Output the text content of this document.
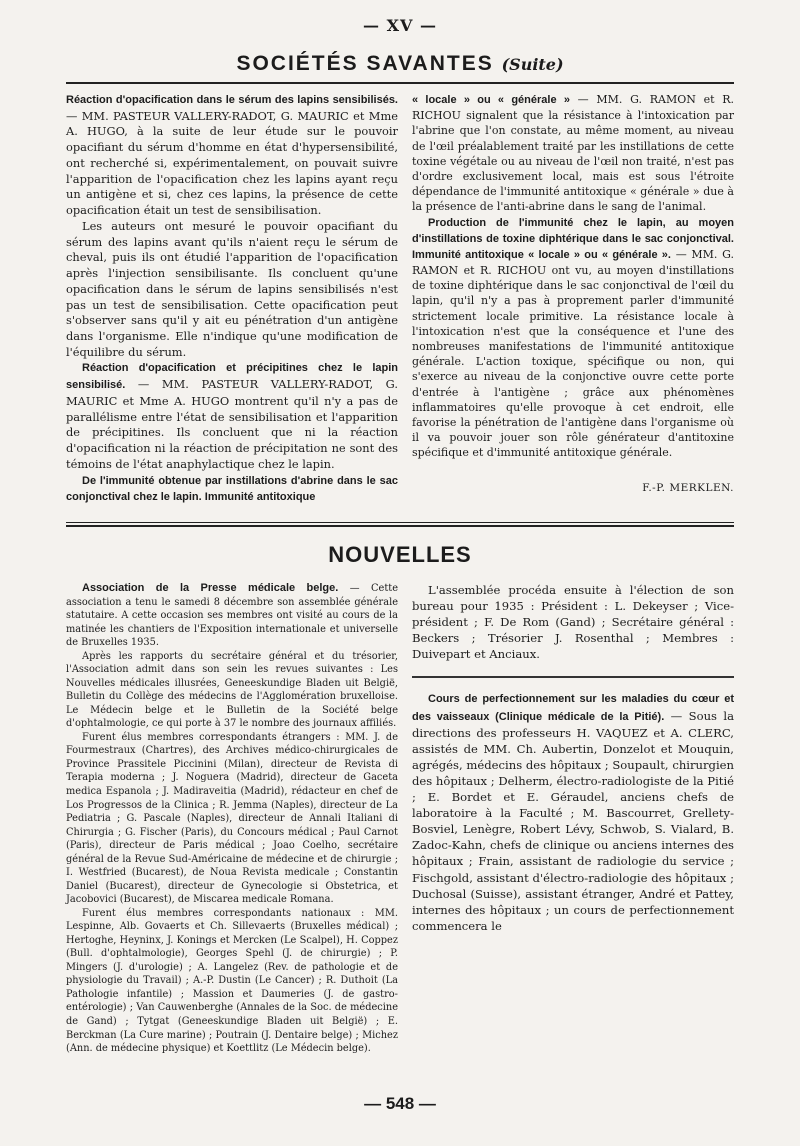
— XV —
SOCIÉTÉS SAVANTES (Suite)

Réaction d'opacification dans le sérum des lapins sensibilisés. — MM. PASTEUR VALLERY-RADOT, G. MAURIC et Mme A. HUGO, à la suite de leur étude sur le pouvoir opacifiant du sérum d'homme en état d'hypersensibilité, ont recherché si, expérimentalement, on pouvait suivre l'apparition de l'opacification chez les lapins ayant reçu un antigène et si, chez ces lapins, la présence de cette opacification était un test de sensibilisation.

Les auteurs ont mesuré le pouvoir opacifiant du sérum des lapins avant qu'ils n'aient reçu le sérum de cheval, puis ils ont étudié l'apparition de l'opacification après l'injection sensibilisante. Ils concluent qu'une opacification dans le sérum de lapins sensibilisés n'est pas un test de sensibilisation. Cette opacification peut s'observer sans qu'il y ait eu pénétration d'un antigène dans l'organisme. Elle n'indique qu'une modification de l'équilibre du sérum.

Réaction d'opacification et précipitines chez le lapin sensibilisé. — MM. PASTEUR VALLERY-RADOT, G. MAURIC et Mme A. HUGO montrent qu'il n'y a pas de parallélisme entre l'état de sensibilisation et l'apparition de précipitines. Ils concluent que ni la réaction d'opacification ni la réaction de précipitation ne sont des témoins de l'état anaphylactique chez le lapin.

De l'immunité obtenue par instillations d'abrine dans le sac conjonctival chez le lapin. Immunité antitoxique

« locale » ou « générale » — MM. G. RAMON et R. RICHOU signalent que la résistance à l'intoxication par l'abrine que l'on constate, au même moment, au niveau de l'œil préalablement traité par les instillations de cette toxine végétale ou au niveau de l'œil non traité, n'est pas d'ordre exclusivement local, mais est sous l'étroite dépendance de l'immunité antitoxique « générale » due à la présence de l'anti-abrine dans le sang de l'animal.

Production de l'immunité chez le lapin, au moyen d'instillations de toxine diphtérique dans le sac conjonctival. Immunité antitoxique « locale » ou « générale ». — MM. G. RAMON et R. RICHOU ont vu, au moyen d'instillations de toxine diphtérique dans le sac conjonctival de l'œil du lapin, qu'il n'y a pas à proprement parler d'immunité strictement locale primitive. La résistance locale à l'intoxication n'est que la conséquence et l'une des nombreuses manifestations de l'immunité antitoxique générale. L'action toxique, spécifique ou non, qui s'exerce au niveau de la conjonctive ouvre cette porte d'entrée à l'antigène ; grâce aux phénomènes inflammatoires qu'elle provoque à cet endroit, elle favorise la pénétration de l'antigène dans l'organisme où il va pouvoir jouer son rôle générateur d'antitoxine spécifique et d'immunité antitoxique générale.

F.-P. MERKLEN.
NOUVELLES

Association de la Presse médicale belge. — Cette association a tenu le samedi 8 décembre son assemblée générale statutaire. A cette occasion ses membres ont visité au cours de la matinée les chantiers de l'Exposition internationale et universelle de Bruxelles 1935.

Après les rapports du secrétaire général et du trésorier, l'Association admit dans son sein les revues suivantes : Les Nouvelles médicales illusrées, Geneeskundige Bladen uit België, Bulletin du Collège des médecins de l'Agglomération bruxelloise. Le Médecin belge et le Bulletin de la Société belge d'ophtalmologie, ce qui porte à 37 le nombre des journaux affiliés.

Furent élus membres correspondants étrangers : MM. J. de Fourmestraux (Chartres), des Archives médico-chirurgicales de Province Prassitele Piccinini (Milan), directeur de Revista di Terapia moderna ; J. Noguera (Madrid), directeur de Gaceta medica Espanola ; J. Madiraveitia (Madrid), rédacteur en chef de Los Progressos de la Clinica ; R. Jemma (Naples), directeur de La Pediatria ; G. Pascale (Naples), directeur de Annali Italiani di Chirurgia ; G. Fischer (Paris), du Concours médical ; Paul Carnot (Paris), directeur de Paris médical ; Joao Coelho, secrétaire général de la Revue Sud-Américaine de médecine et de chirurgie ; I. Westfried (Bucarest), de Noua Revista medicale ; Constantin Daniel (Bucarest), directeur de Gynecologie si Obstetrica, et Jacobovici (Bucarest), de Miscarea medicale Romana.

Furent élus membres correspondants nationaux : MM. Lespinne, Alb. Govaerts et Ch. Sillevaerts (Bruxelles médical) ; Hertoghe, Heyninx, J. Konings et Mercken (Le Scalpel), H. Coppez (Bull. d'ophtalmologie), Georges Spehl (J. de chirurgie) ; P. Mingers (J. d'urologie) ; A. Langelez (Rev. de pathologie et de physiologie du Travail) ; A.-P. Dustin (Le Cancer) ; R. Duthoit (La Pathologie infantile) ; Massion et Daumeries (J. de gastro-entérologie) ; Van Cauwenberghe (Annales de la Soc. de médecine de Gand) ; Tytgat (Geneeskundige Bladen uit België) ; E. Berckman (La Cure marine) ; Poutrain (J. Dentaire belge) ; Michez (Ann. de médecine physique) et Koettlitz (Le Médecin belge).

L'assemblée procéda ensuite à l'élection de son bureau pour 1935 : Président : L. Dekeyser ; Vice-président ; F. De Rom (Gand) ; Secrétaire général : Beckers ; Trésorier J. Rosenthal ; Membres : Duivepart et Anciaux.

Cours de perfectionnement sur les maladies du cœur et des vaisseaux (Clinique médicale de la Pitié). — Sous la directions des professeurs H. VAQUEZ et A. CLERC, assistés de MM. Ch. Aubertin, Donzelot et Mouquin, agrégés, médecins des hôpitaux ; Soupault, chirurgien des hôpitaux ; Delherm, électro-radiologiste de la Pitié ; E. Bordet et E. Géraudel, anciens chefs de laboratoire à la Faculté ; M. Bascourret, Grellety-Bosviel, Lenègre, Robert Lévy, Schwob, S. Vialard, B. Zadoc-Kahn, chefs de clinique ou anciens internes des hôpitaux ; Frain, assistant de radiologie du service ; Fischgold, assistant d'électro-radiologie des hôpitaux ; Duchosal (Suisse), assistant étranger, André et Pattey, internes des hôpitaux ; un cours de perfectionnement commencera le

— 548 —
